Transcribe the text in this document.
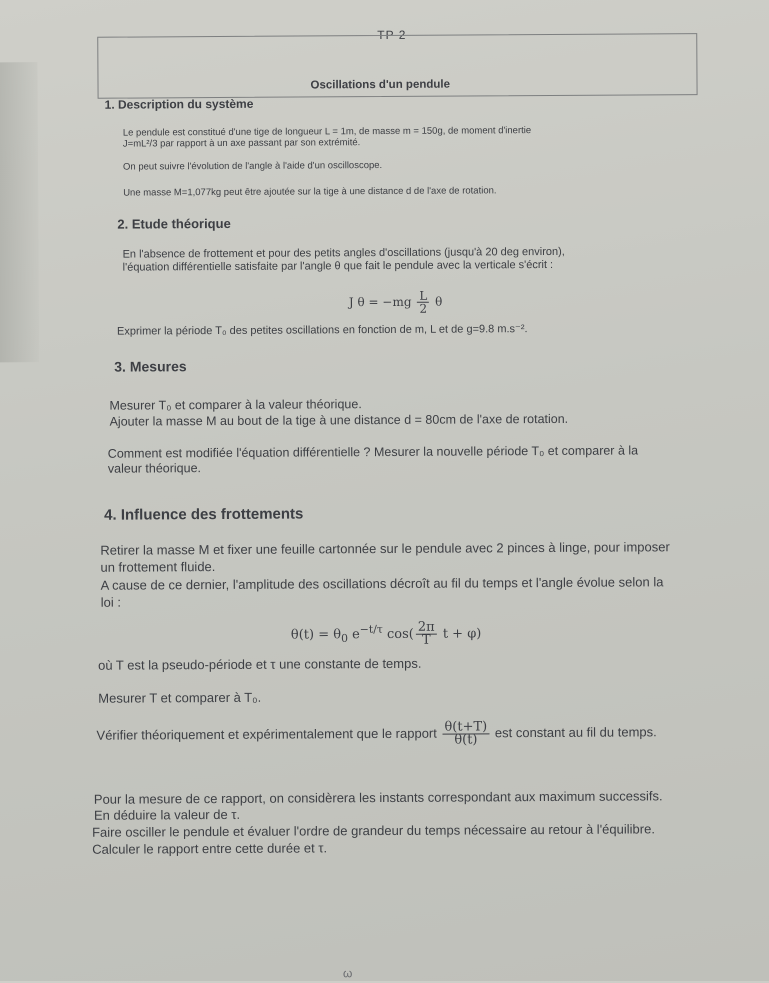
TP 2
Oscillations d'un pendule
1. Description du système
Le pendule est constitué d'une tige de longueur L = 1m, de masse m = 150g, de moment d'inertie
J=mL²/3 par rapport à un axe passant par son extrémité.
On peut suivre l'évolution de l'angle à l'aide d'un oscilloscope.
Une masse M=1,077kg peut être ajoutée sur la tige à une distance d de l'axe de rotation.
2. Etude théorique
En l'absence de frottement et pour des petits angles d'oscillations (jusqu'à 20 deg environ),
l'équation différentielle satisfaite par l'angle θ que fait le pendule avec la verticale s'écrit :
J $\theta = -mg \frac{L}{2}$ θ
Exprimer la période T₀ des petites oscillations en fonction de m, L et de g=9.8 m.s⁻².
3. Mesures
Mesurer T₀ et comparer à la valeur théorique.
Ajouter la masse M au bout de la tige à une distance d = 80cm de l'axe de rotation.
Comment est modifiée l'équation différentielle ? Mesurer la nouvelle période T₀ et comparer à la
valeur théorique.
4. Influence des frottements
Retirer la masse M et fixer une feuille cartonnée sur le pendule avec 2 pinces à linge, pour imposer
un frottement fluide.
A cause de ce dernier, l'amplitude des oscillations décroît au fil du temps et l'angle évolue selon la
loi :
$\theta(t) = \theta_0$ $e^{-t/\tau}$ $\cos( \frac{2\pi}{T}$ t + φ)
où T est la pseudo-période et τ une constante de temps.
Mesurer T et comparer à T₀.
Vérifier théoriquement et expérimentalement que le rapport $\frac{\theta(t+T)}{\theta(t)}$ est constant au fil du temps.
Pour la mesure de ce rapport, on considèrera les instants correspondant aux maximum successifs.
En déduire la valeur de τ.
Faire osciller le pendule et évaluer l'ordre de grandeur du temps nécessaire au retour à l'équilibre.
Calculer le rapport entre cette durée et τ.
ω
